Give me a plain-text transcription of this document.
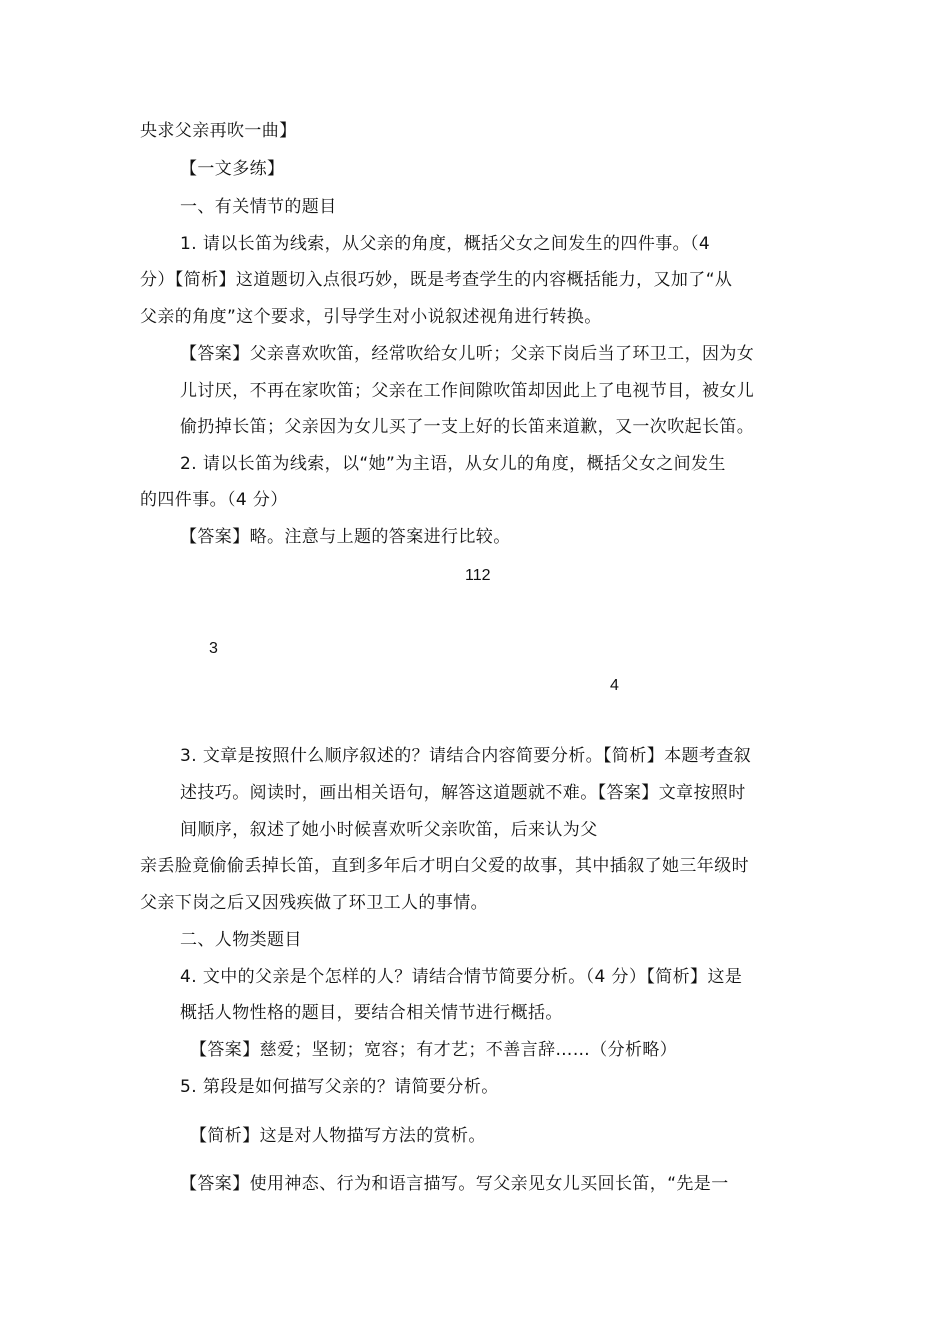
央求父亲再吹一曲】
【一文多练】
一、有关情节的题目
1. 请以长笛为线索，从父亲的角度，概括父女之间发生的四件事。（4
分）【简析】这道题切入点很巧妙，既是考查学生的内容概括能力，又加了“从
父亲的角度”这个要求，引导学生对小说叙述视角进行转换。
【答案】父亲喜欢吹笛，经常吹给女儿听；父亲下岗后当了环卫工，因为女
儿讨厌，不再在家吹笛；父亲在工作间隙吹笛却因此上了电视节目，被女儿
偷扔掉长笛；父亲因为女儿买了一支上好的长笛来道歉，又一次吹起长笛。
2. 请以长笛为线索，以“她”为主语，从女儿的角度，概括父女之间发生
的四件事。（4 分）
【答案】略。注意与上题的答案进行比较。
112
3
4
3. 文章是按照什么顺序叙述的？请结合内容简要分析。【简析】本题考查叙
述技巧。阅读时，画出相关语句，解答这道题就不难。【答案】文章按照时
间顺序，叙述了她小时候喜欢听父亲吹笛，后来认为父
亲丢脸竟偷偷丢掉长笛，直到多年后才明白父爱的故事，其中插叙了她三年级时
父亲下岗之后又因残疾做了环卫工人的事情。
二、人物类题目
4. 文中的父亲是个怎样的人？请结合情节简要分析。（4 分）【简析】这是
概括人物性格的题目，要结合相关情节进行概括。
【答案】慈爱；坚韧；宽容；有才艺；不善言辞……（分析略）
5. 第段是如何描写父亲的？请简要分析。
【简析】这是对人物描写方法的赏析。
【答案】使用神态、行为和语言描写。写父亲见女儿买回长笛，“先是一
